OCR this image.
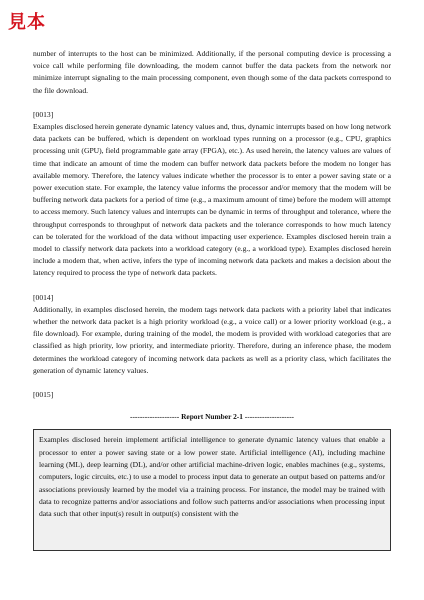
見本

number of interrupts to the host can be minimized. Additionally, if the personal computing device is processing a voice call while performing file downloading, the modem cannot buffer the data packets from the network nor minimize interrupt signaling to the main processing component, even though some of the data packets correspond to the file download.

[0013]

Examples disclosed herein generate dynamic latency values and, thus, dynamic interrupts based on how long network data packets can be buffered, which is dependent on workload types running on a processor (e.g., CPU, graphics processing unit (GPU), field programmable gate array (FPGA), etc.). As used herein, the latency values are values of time that indicate an amount of time the modem can buffer network data packets before the modem no longer has available memory. Therefore, the latency values indicate whether the processor is to enter a power saving state or a power execution state. For example, the latency value informs the processor and/or memory that the modem will be buffering network data packets for a period of time (e.g., a maximum amount of time) before the modem will attempt to access memory. Such latency values and interrupts can be dynamic in terms of throughput and tolerance, where the throughput corresponds to throughput of network data packets and the tolerance corresponds to how much latency can be tolerated for the workload of the data without impacting user experience. Examples disclosed herein train a model to classify network data packets into a workload category (e.g., a workload type). Examples disclosed herein include a modem that, when active, infers the type of incoming network data packets and makes a decision about the latency required to process the type of network data packets.

[0014]

Additionally, in examples disclosed herein, the modem tags network data packets with a priority label that indicates whether the network data packet is a high priority workload (e.g., a voice call) or a lower priority workload (e.g., a file download). For example, during training of the model, the modem is provided with workload categories that are classified as high priority, low priority, and intermediate priority. Therefore, during an inference phase, the modem determines the workload category of incoming network data packets as well as a priority class, which facilitates the generation of dynamic latency values.

[0015]

-------------------- Report Number 2-1 --------------------

Examples disclosed herein implement artificial intelligence to generate dynamic latency values that enable a processor to enter a power saving state or a low power state. Artificial intelligence (AI), including machine learning (ML), deep learning (DL), and/or other artificial machine-driven logic, enables machines (e.g., systems, computers, logic circuits, etc.) to use a model to process input data to generate an output based on patterns and/or associations previously learned by the model via a training process. For instance, the model may be trained with data to recognize patterns and/or associations and follow such patterns and/or associations when processing input data such that other input(s) result in output(s) consistent with the
